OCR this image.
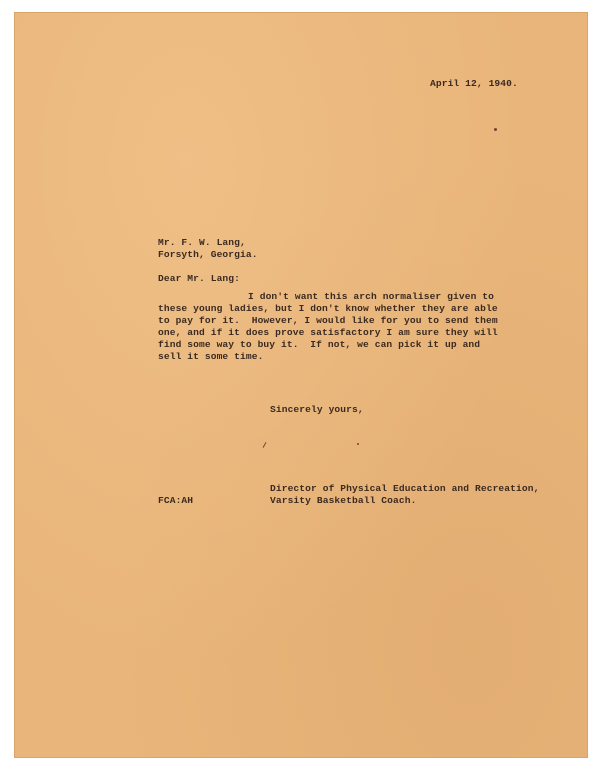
April 12, 1940.
Mr. F. W. Lang,
Forsyth, Georgia.
Dear Mr. Lang:
I don't want this arch normaliser given to
these young ladies, but I don't know whether they are able
to pay for it.  However, I would like for you to send them
one, and if it does prove satisfactory I am sure they will
find some way to buy it.  If not, we can pick it up and
sell it some time.
Sincerely yours,
Director of Physical Education and Recreation,
Varsity Basketball Coach.
FCA:AH
